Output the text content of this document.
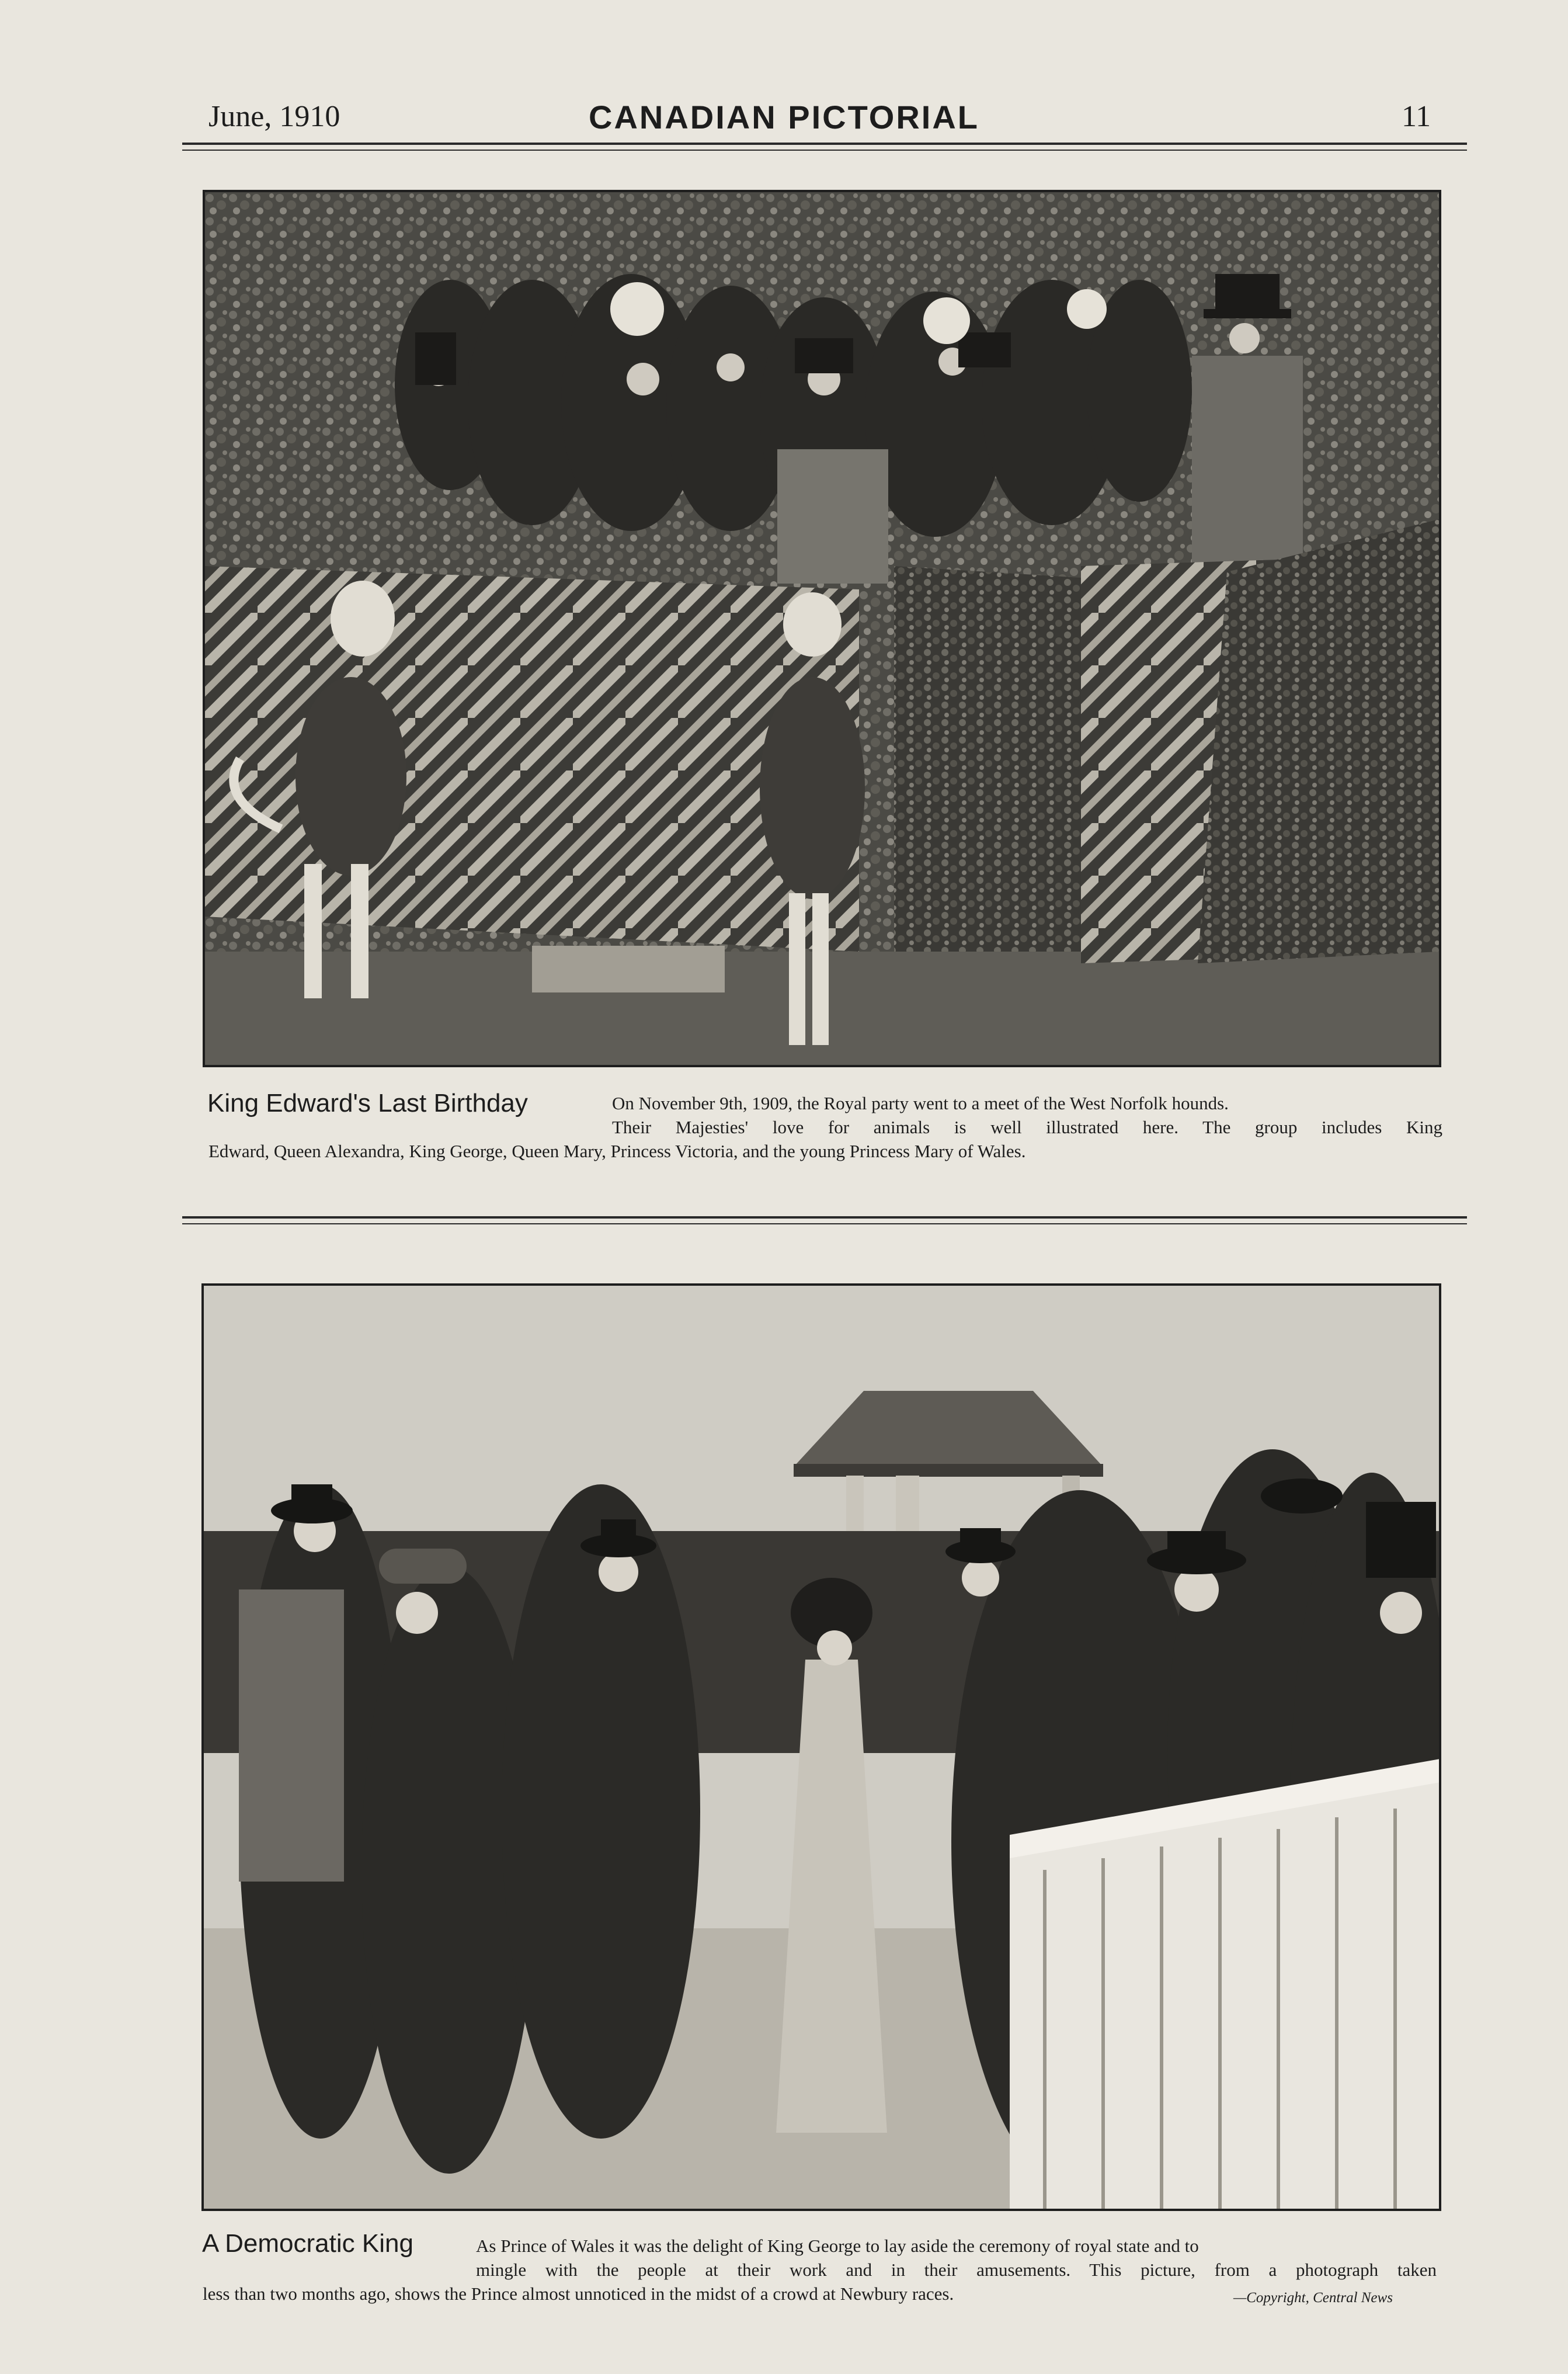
June, 1910	CANADIAN PICTORIAL	11
King Edward's Last Birthday	On November 9th, 1909, the Royal party went to a meet of the West Norfolk hounds.
Their Majesties' love for animals is well illustrated here. The group includes King
Edward, Queen Alexandra, King George, Queen Mary, Princess Victoria, and the young Princess Mary of Wales.
A Democratic King	As Prince of Wales it was the delight of King George to lay aside the ceremony of royal state and to
mingle with the people at their work and in their amusements. This picture, from a photograph taken
less than two months ago, shows the Prince almost unnoticed in the midst of a crowd at Newbury races.	—Copyright, Central News
